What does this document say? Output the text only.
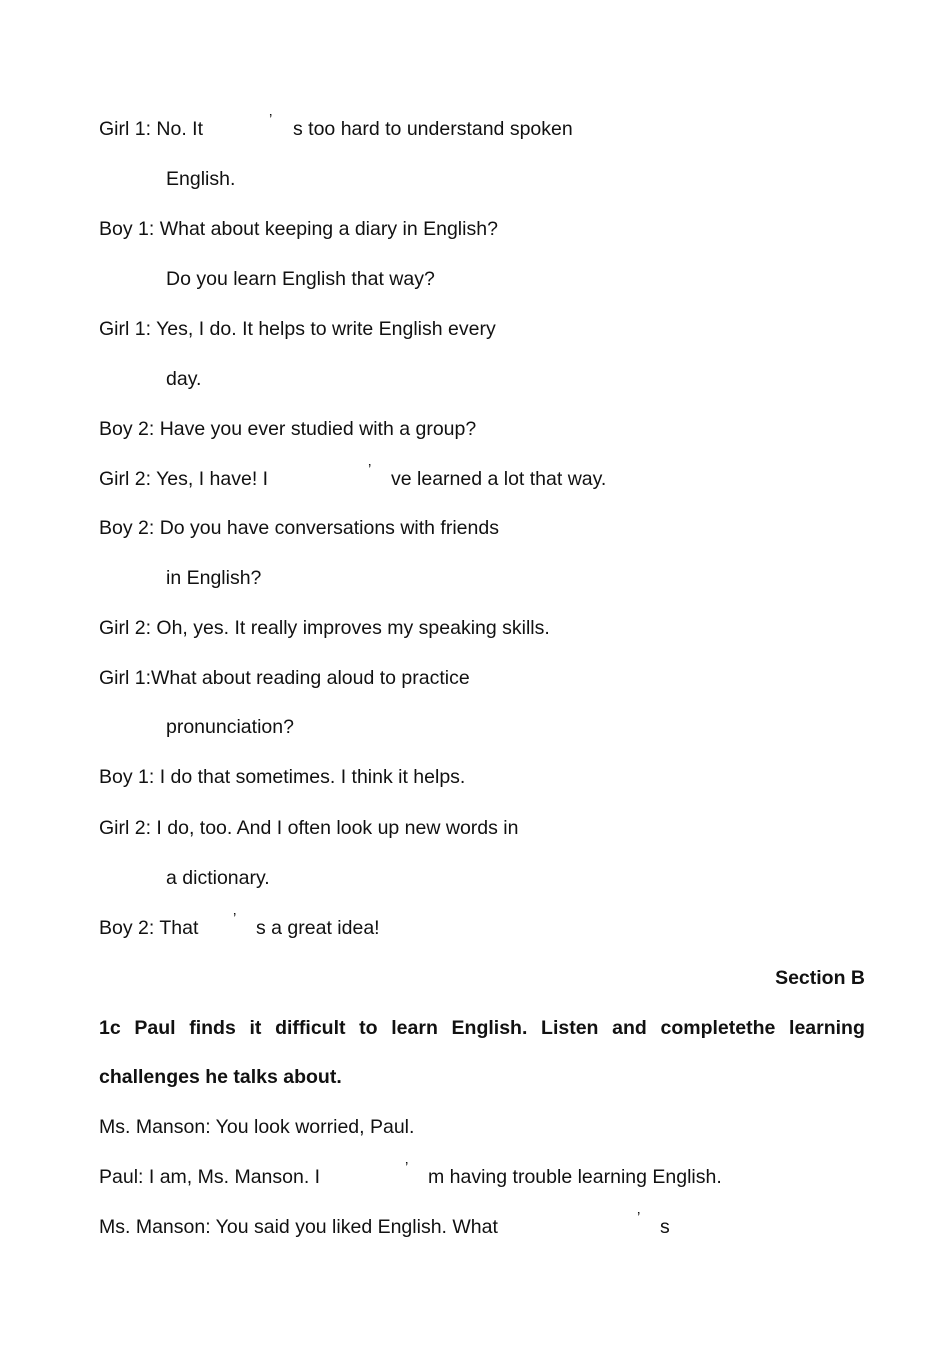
Girl 1: No. It	’ s too hard to understand spoken
English.
Boy 1: What about keeping a diary in English?
Do you learn English that way?
Girl 1: Yes, I do. It helps to write English every
day.
Boy 2: Have you ever studied with a group?
Girl 2: Yes, I have! I	’ ve learned a lot that way.
Boy 2: Do you have conversations with friends
in English?
Girl 2: Oh, yes. It really improves my speaking skills.
Girl 1:What about reading aloud to practice
pronunciation?
Boy 1: I do that sometimes. I think it helps.
Girl 2: I do, too. And I often look up new words in
a dictionary.
Boy 2: That ’ s a great idea!
Section B
1c Paul finds it difficult to learn English. Listen and completethe learning
challenges he talks about.
Ms. Manson: You look worried, Paul.
Paul: I am, Ms. Manson. I	’ m having trouble learning English.
Ms. Manson: You said you liked English. What	’ s
